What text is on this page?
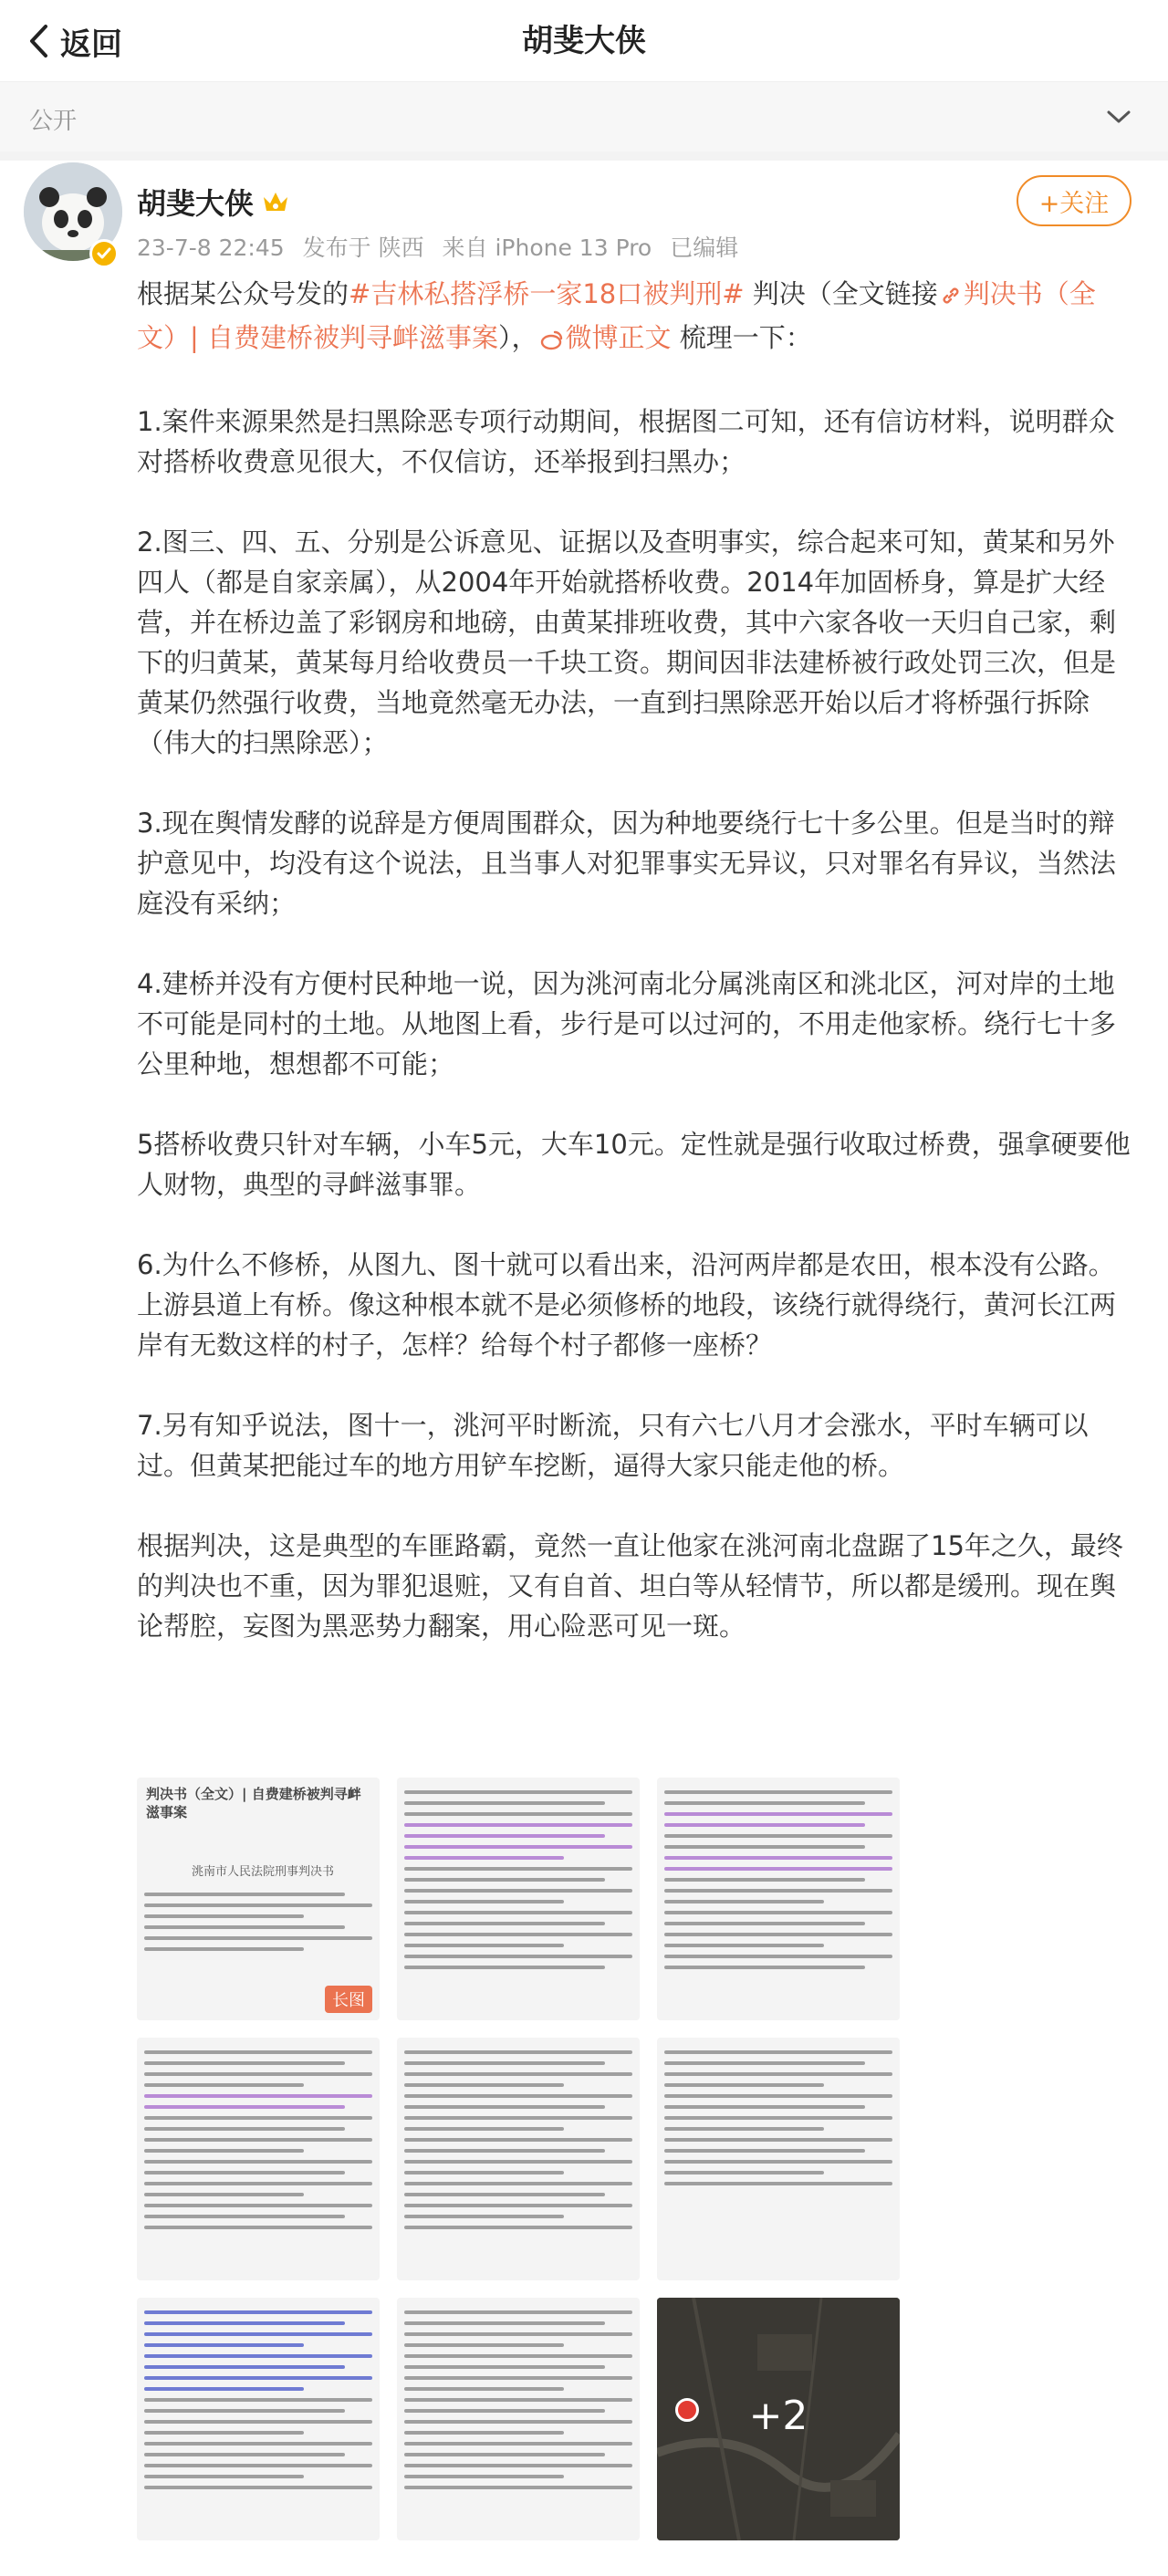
返回	胡斐大侠
公开
胡斐大侠
23-7-8 22:45 发布于 陕西 来自 iPhone 13 Pro 已编辑
+关注

根据某公众号发的#吉林私搭浮桥一家18口被判刑# 判决（全文链接 判决书（全文）| 自费建桥被判寻衅滋事案）， 微博正文 梳理一下：

1.案件来源果然是扫黑除恶专项行动期间，根据图二可知，还有信访材料，说明群众对搭桥收费意见很大，不仅信访，还举报到扫黑办；

2.图三、四、五、分别是公诉意见、证据以及查明事实，综合起来可知，黄某和另外四人（都是自家亲属），从2004年开始就搭桥收费。2014年加固桥身，算是扩大经营，并在桥边盖了彩钢房和地磅，由黄某排班收费，其中六家各收一天归自己家，剩下的归黄某，黄某每月给收费员一千块工资。期间因非法建桥被行政处罚三次，但是黄某仍然强行收费，当地竟然毫无办法，一直到扫黑除恶开始以后才将桥强行拆除（伟大的扫黑除恶）；

3.现在舆情发酵的说辞是方便周围群众，因为种地要绕行七十多公里。但是当时的辩护意见中，均没有这个说法，且当事人对犯罪事实无异议，只对罪名有异议，当然法庭没有采纳；

4.建桥并没有方便村民种地一说，因为洮河南北分属洮南区和洮北区，河对岸的土地不可能是同村的土地。从地图上看，步行是可以过河的，不用走他家桥。绕行七十多公里种地，想想都不可能；

5搭桥收费只针对车辆，小车5元，大车10元。定性就是强行收取过桥费，强拿硬要他人财物，典型的寻衅滋事罪。

6.为什么不修桥，从图九、图十就可以看出来，沿河两岸都是农田，根本没有公路。上游县道上有桥。像这种根本就不是必须修桥的地段，该绕行就得绕行，黄河长江两岸有无数这样的村子，怎样？给每个村子都修一座桥？

7.另有知乎说法，图十一，洮河平时断流，只有六七八月才会涨水，平时车辆可以过。但黄某把能过车的地方用铲车挖断，逼得大家只能走他的桥。

根据判决，这是典型的车匪路霸，竟然一直让他家在洮河南北盘踞了15年之久，最终的判决也不重，因为罪犯退赃，又有自首、坦白等从轻情节，所以都是缓刑。现在舆论帮腔，妄图为黑恶势力翻案，用心险恶可见一斑。

判决书（全文）| 自费建桥被判寻衅滋事案
洮南市人民法院刑事判决书
长图
+2
